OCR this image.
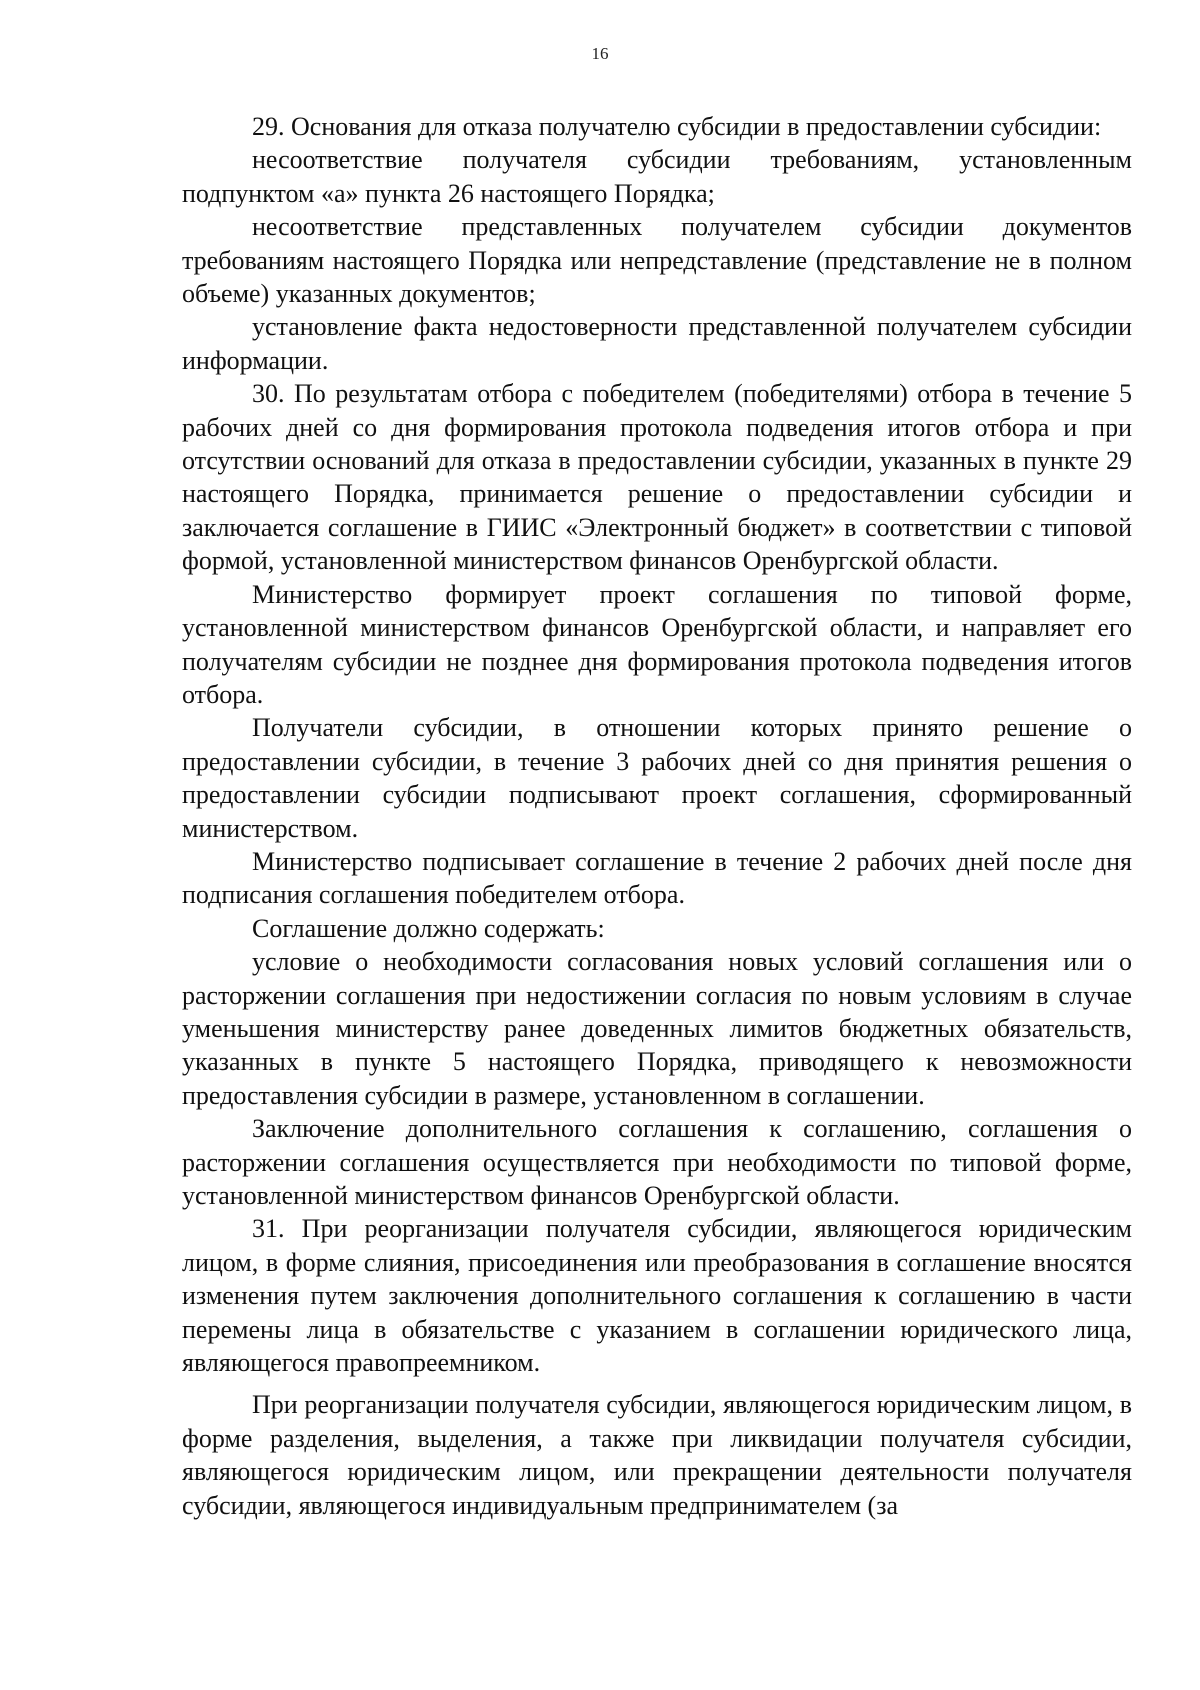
16

29. Основания для отказа получателю субсидии в предоставлении субсидии:

несоответствие получателя субсидии требованиям, установленным подпунктом «а» пункта 26 настоящего Порядка;

несоответствие представленных получателем субсидии документов требованиям настоящего Порядка или непредставление (представление не в полном объеме) указанных документов;

установление факта недостоверности представленной получателем субсидии информации.

30. По результатам отбора с победителем (победителями) отбора в течение 5 рабочих дней со дня формирования протокола подведения итогов отбора и при отсутствии оснований для отказа в предоставлении субсидии, указанных в пункте 29 настоящего Порядка, принимается решение о предоставлении субсидии и заключается соглашение в ГИИС «Электронный бюджет» в соответствии с типовой формой, установленной министерством финансов Оренбургской области.

Министерство формирует проект соглашения по типовой форме, установленной министерством финансов Оренбургской области, и направляет его получателям субсидии не позднее дня формирования протокола подведения итогов отбора.

Получатели субсидии, в отношении которых принято решение о предоставлении субсидии, в течение 3 рабочих дней со дня принятия решения о предоставлении субсидии подписывают проект соглашения, сформированный министерством.

Министерство подписывает соглашение в течение 2 рабочих дней после дня подписания соглашения победителем отбора.

Соглашение должно содержать:

условие о необходимости согласования новых условий соглашения или о расторжении соглашения при недостижении согласия по новым условиям в случае уменьшения министерству ранее доведенных лимитов бюджетных обязательств, указанных в пункте 5 настоящего Порядка, приводящего к невозможности предоставления субсидии в размере, установленном в соглашении.

Заключение дополнительного соглашения к соглашению, соглашения о расторжении соглашения осуществляется при необходимости по типовой форме, установленной министерством финансов Оренбургской области.

31. При реорганизации получателя субсидии, являющегося юридическим лицом, в форме слияния, присоединения или преобразования в соглашение вносятся изменения путем заключения дополнительного соглашения к соглашению в части перемены лица в обязательстве с указанием в соглашении юридического лица, являющегося правопреемником.

При реорганизации получателя субсидии, являющегося юридическим лицом, в форме разделения, выделения, а также при ликвидации получателя субсидии, являющегося юридическим лицом, или прекращении деятельности получателя субсидии, являющегося индивидуальным предпринимателем (за
